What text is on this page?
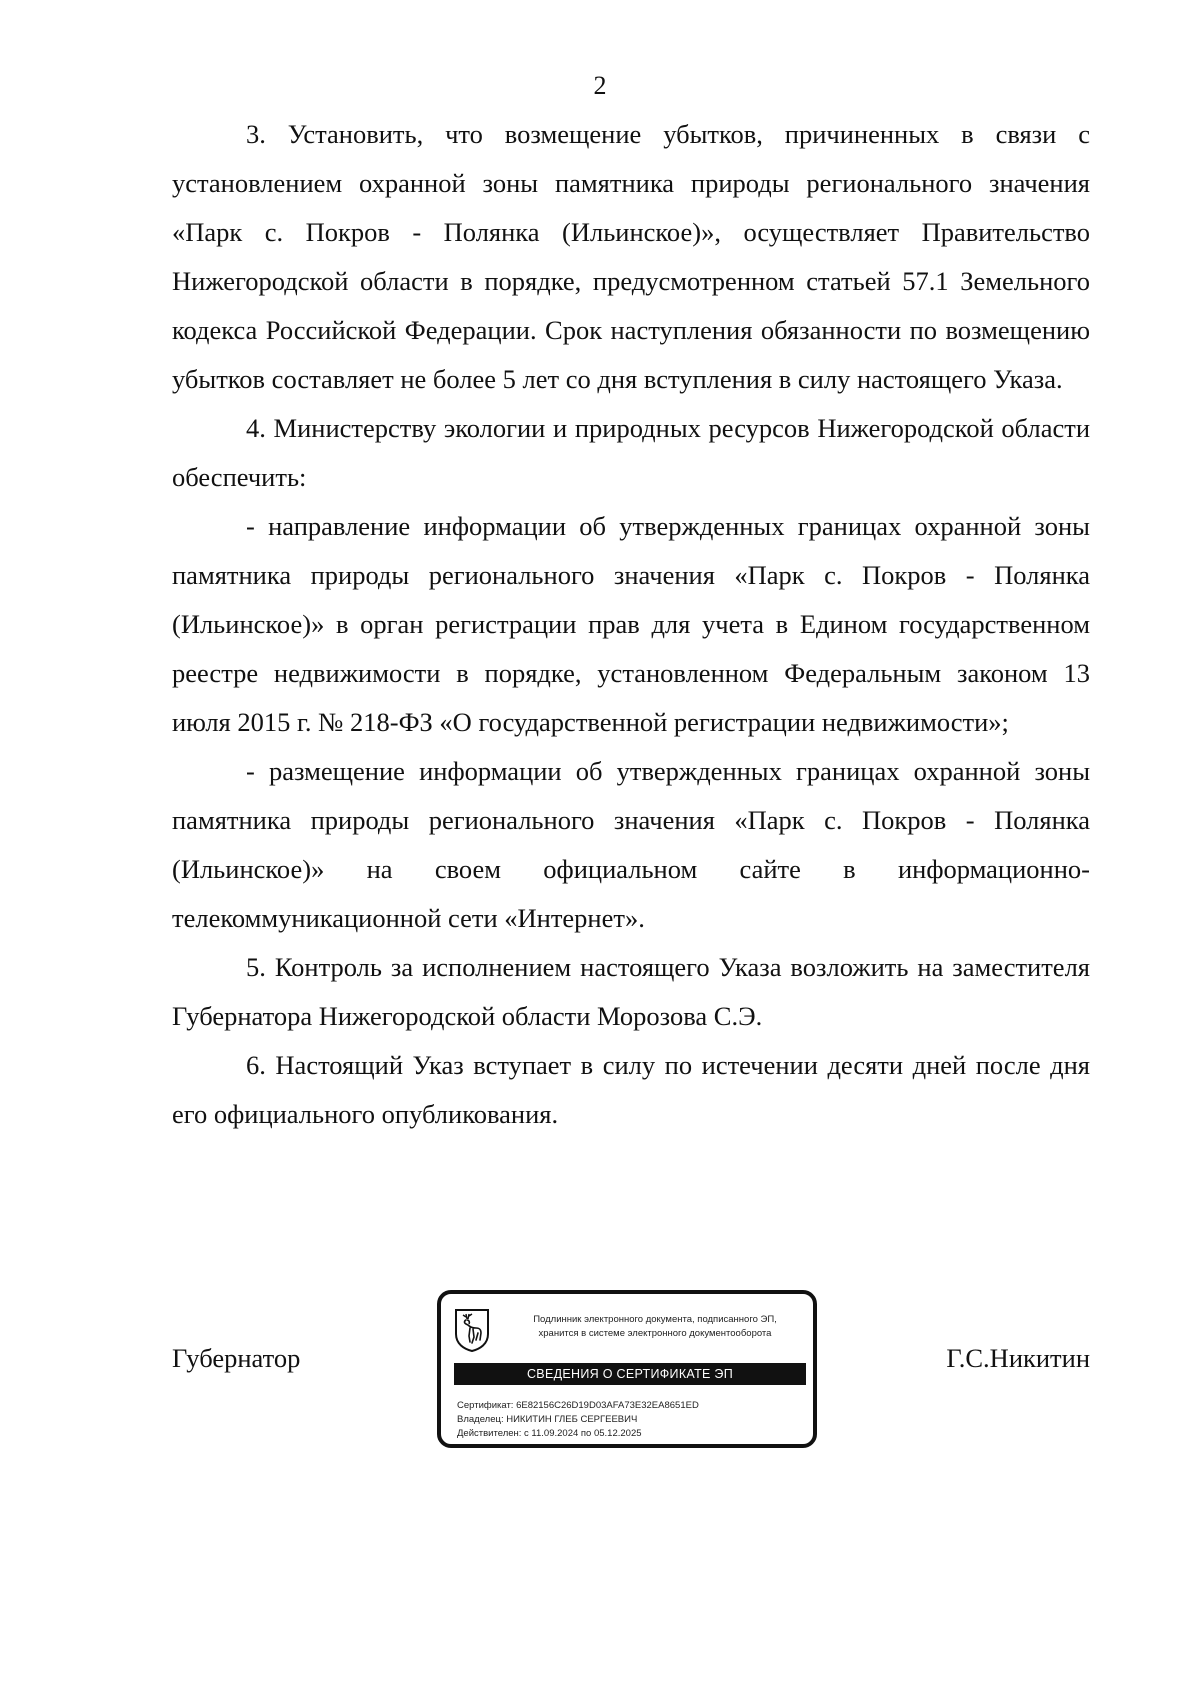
2

3. Установить, что возмещение убытков, причиненных в связи с установлением охранной зоны памятника природы регионального значения «Парк с. Покров - Полянка (Ильинское)», осуществляет Правительство Нижегородской области в порядке, предусмотренном статьей 57.1 Земельного кодекса Российской Федерации. Срок наступления обязанности по возмещению убытков составляет не более 5 лет со дня вступления в силу настоящего Указа.

4. Министерству экологии и природных ресурсов Нижегородской области обеспечить:

- направление информации об утвержденных границах охранной зоны памятника природы регионального значения «Парк с. Покров - Полянка (Ильинское)» в орган регистрации прав для учета в Едином государственном реестре недвижимости в порядке, установленном Федеральным законом 13 июля 2015 г. № 218-ФЗ «О государственной регистрации недвижимости»;

- размещение информации об утвержденных границах охранной зоны памятника природы регионального значения «Парк с. Покров - Полянка (Ильинское)» на своем официальном сайте в информационно-телекоммуникационной сети «Интернет».

5. Контроль за исполнением настоящего Указа возложить на заместителя Губернатора Нижегородской области Морозова С.Э.

6. Настоящий Указ вступает в силу по истечении десяти дней после дня его официального опубликования.

Губернатор
Подлинник электронного документа, подписанного ЭП,
хранится в системе электронного документооборота
СВЕДЕНИЯ О СЕРТИФИКАТЕ ЭП
Сертификат: 6E82156C26D19D03AFA73E32EA8651ED
Владелец: НИКИТИН ГЛЕБ СЕРГЕЕВИЧ
Действителен: с 11.09.2024 по 05.12.2025
Г.С.Никитин
